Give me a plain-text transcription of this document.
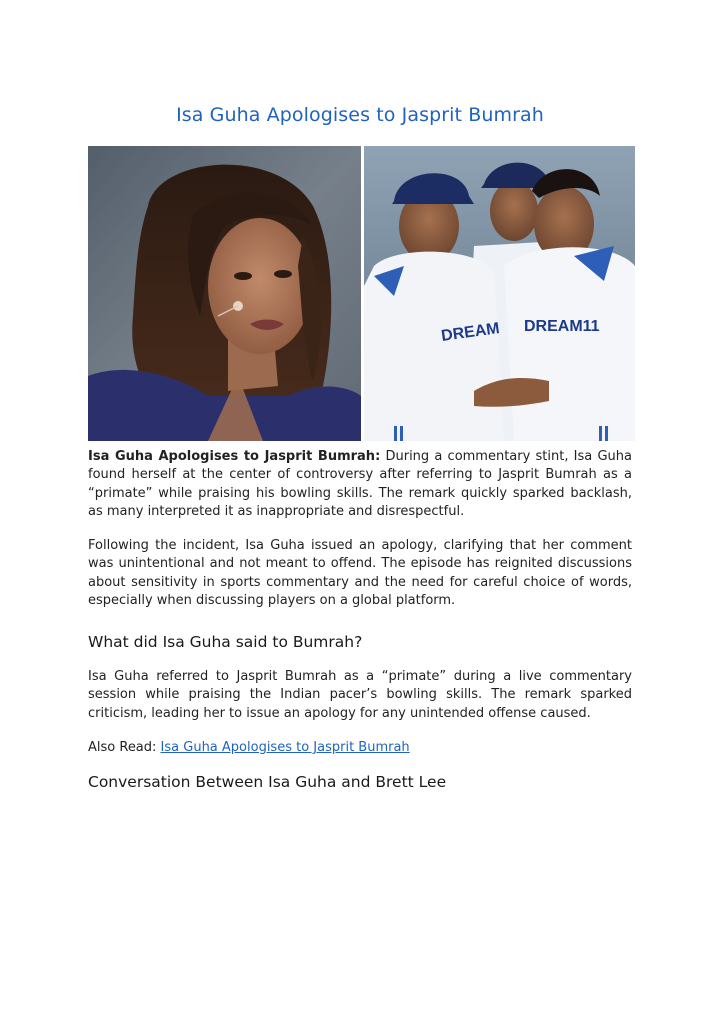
Isa Guha Apologises to Jasprit Bumrah
DREAM DREAM11

Isa Guha Apologises to Jasprit Bumrah: During a commentary stint, Isa Guha found herself at the center of controversy after referring to Jasprit Bumrah as a “primate” while praising his bowling skills. The remark quickly sparked backlash, as many interpreted it as inappropriate and disrespectful.

Following the incident, Isa Guha issued an apology, clarifying that her comment was unintentional and not meant to offend. The episode has reignited discussions about sensitivity in sports commentary and the need for careful choice of words, especially when discussing players on a global platform.

What did Isa Guha said to Bumrah?

Isa Guha referred to Jasprit Bumrah as a “primate” during a live commentary session while praising the Indian pacer’s bowling skills. The remark sparked criticism, leading her to issue an apology for any unintended offense caused.

Also Read: Isa Guha Apologises to Jasprit Bumrah

Conversation Between Isa Guha and Brett Lee
